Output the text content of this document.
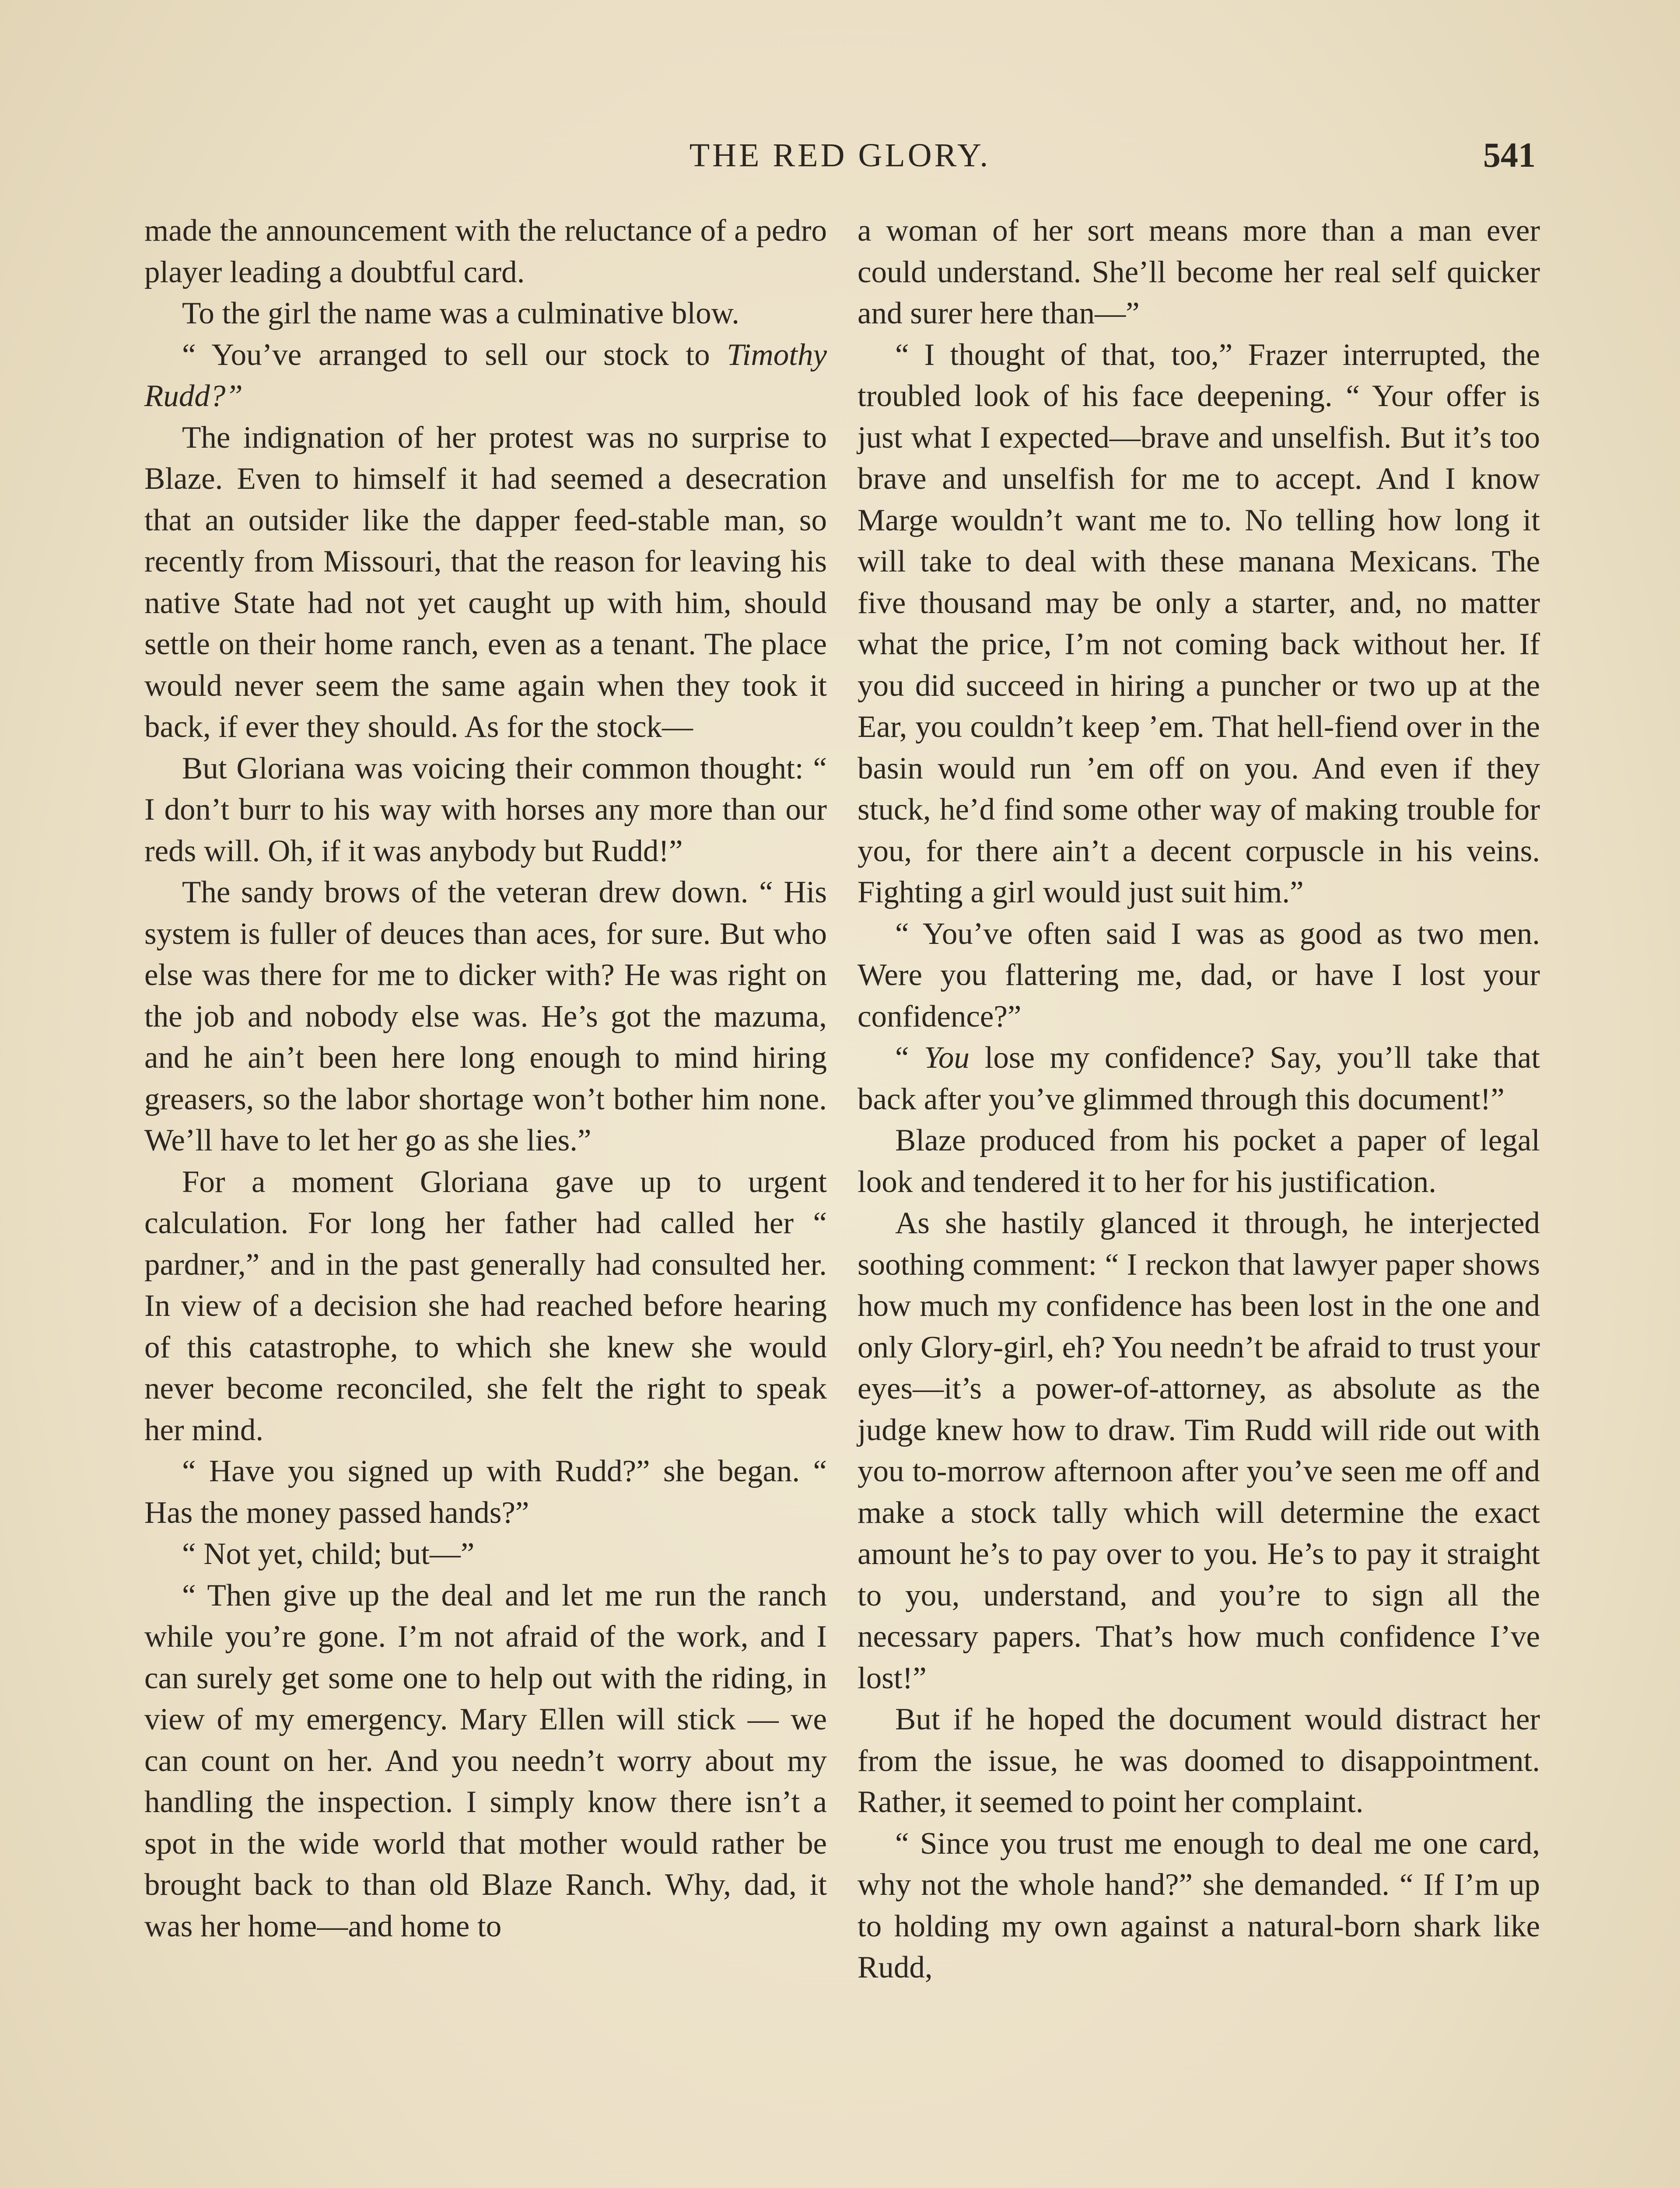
THE RED GLORY.	541

made the announcement with the reluctance of a pedro player leading a doubtful card.

To the girl the name was a culminative blow.

“ You’ve arranged to sell our stock to Timothy Rudd?”

The indignation of her protest was no surprise to Blaze. Even to himself it had seemed a desecration that an outsider like the dapper feed-stable man, so recently from Missouri, that the reason for leaving his native State had not yet caught up with him, should settle on their home ranch, even as a tenant. The place would never seem the same again when they took it back, if ever they should. As for the stock—

But Gloriana was voicing their common thought: “ I don’t burr to his way with horses any more than our reds will. Oh, if it was anybody but Rudd!”

The sandy brows of the veteran drew down. “ His system is fuller of deuces than aces, for sure. But who else was there for me to dicker with? He was right on the job and nobody else was. He’s got the mazuma, and he ain’t been here long enough to mind hiring greasers, so the labor shortage won’t bother him none. We’ll have to let her go as she lies.”

For a moment Gloriana gave up to urgent calculation. For long her father had called her “ pardner,” and in the past generally had consulted her. In view of a decision she had reached before hearing of this catastrophe, to which she knew she would never become reconciled, she felt the right to speak her mind.

“ Have you signed up with Rudd?” she began. “ Has the money passed hands?”

“ Not yet, child; but—”

“ Then give up the deal and let me run the ranch while you’re gone. I’m not afraid of the work, and I can surely get some one to help out with the riding, in view of my emergency. Mary Ellen will stick — we can count on her. And you needn’t worry about my handling the inspection. I simply know there isn’t a spot in the wide world that mother would rather be brought back to than old Blaze Ranch. Why, dad, it was her home—and home to

a woman of her sort means more than a man ever could understand. She’ll become her real self quicker and surer here than—”

“ I thought of that, too,” Frazer interrupted, the troubled look of his face deepening. “ Your offer is just what I expected—brave and unselfish. But it’s too brave and unselfish for me to accept. And I know Marge wouldn’t want me to. No telling how long it will take to deal with these manana Mexicans. The five thousand may be only a starter, and, no matter what the price, I’m not coming back without her. If you did succeed in hiring a puncher or two up at the Ear, you couldn’t keep ’em. That hell-fiend over in the basin would run ’em off on you. And even if they stuck, he’d find some other way of making trouble for you, for there ain’t a decent corpuscle in his veins. Fighting a girl would just suit him.”

“ You’ve often said I was as good as two men. Were you flattering me, dad, or have I lost your confidence?”

“ You lose my confidence? Say, you’ll take that back after you’ve glimmed through this document!”

Blaze produced from his pocket a paper of legal look and tendered it to her for his justification.

As she hastily glanced it through, he interjected soothing comment: “ I reckon that lawyer paper shows how much my confidence has been lost in the one and only Glory-girl, eh? You needn’t be afraid to trust your eyes—it’s a power-of-attorney, as absolute as the judge knew how to draw. Tim Rudd will ride out with you to-morrow afternoon after you’ve seen me off and make a stock tally which will determine the exact amount he’s to pay over to you. He’s to pay it straight to you, understand, and you’re to sign all the necessary papers. That’s how much confidence I’ve lost!”

But if he hoped the document would distract her from the issue, he was doomed to disappointment. Rather, it seemed to point her complaint.

“ Since you trust me enough to deal me one card, why not the whole hand?” she demanded. “ If I’m up to holding my own against a natural-born shark like Rudd,
